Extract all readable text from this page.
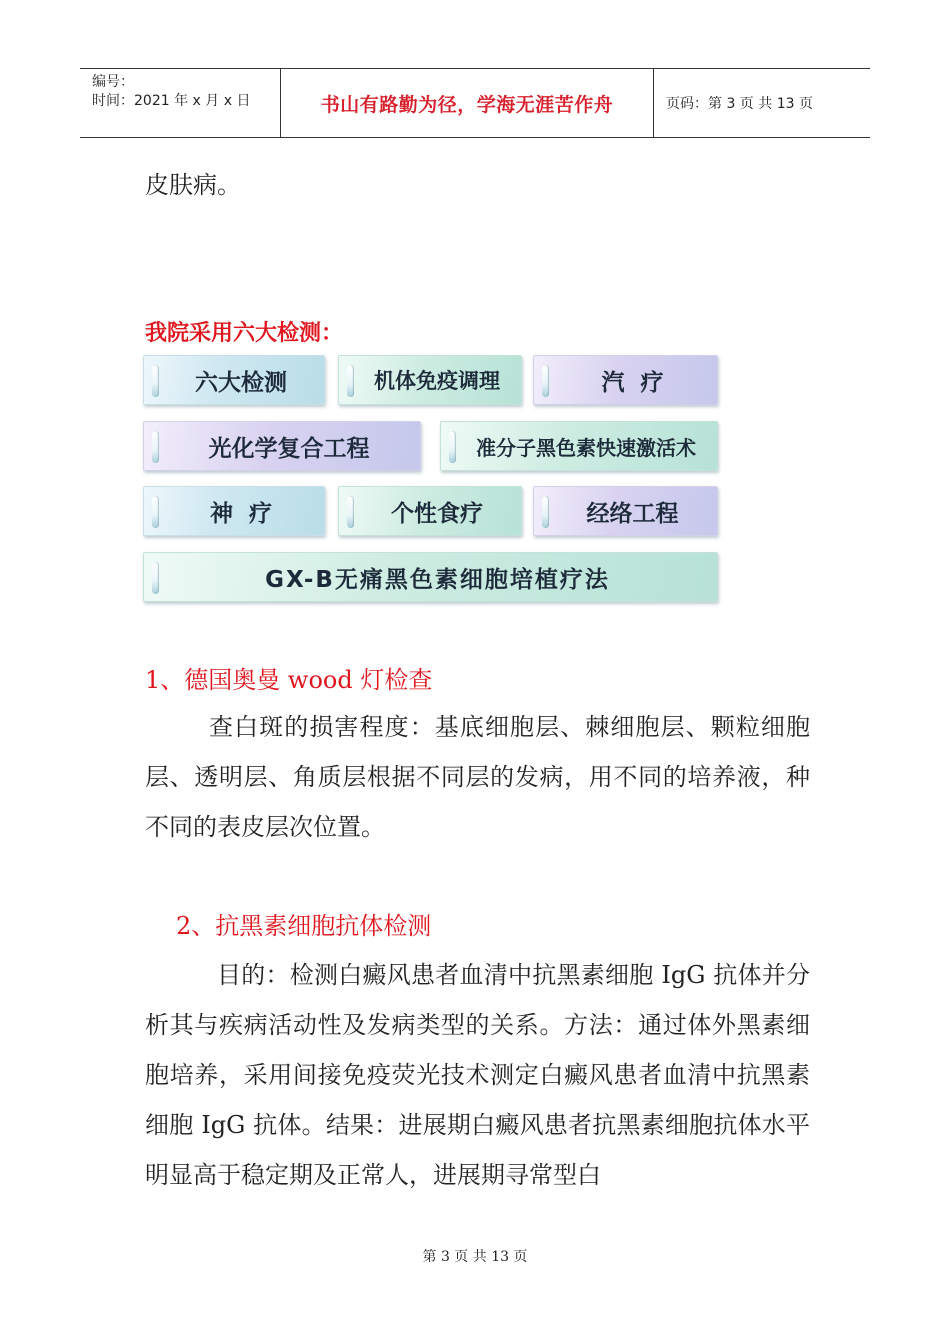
编号：
时间：2021 年 x 月 x 日	书山有路勤为径，学海无涯苦作舟	页码：第 3 页 共 13 页

皮肤病。

我院采用六大检测：
六大检测	机体免疫调理	汽  疗
光化学复合工程	准分子黑色素快速激活术
神  疗	个性食疗	经络工程
GX-B无痛黑色素细胞培植疗法
1、德国奥曼 wood 灯检查

查白斑的损害程度：基底细胞层、棘细胞层、颗粒细胞层、透明层、角质层根据不同层的发病，用不同的培养液，种不同的表皮层次位置。

2、抗黑素细胞抗体检测

目的：检测白癜风患者血清中抗黑素细胞 IgG 抗体并分析其与疾病活动性及发病类型的关系。方法：通过体外黑素细胞培养，采用间接免疫荧光技术测定白癜风患者血清中抗黑素细胞 IgG 抗体。结果：进展期白癜风患者抗黑素细胞抗体水平明显高于稳定期及正常人，进展期寻常型白

第 3 页 共 13 页
